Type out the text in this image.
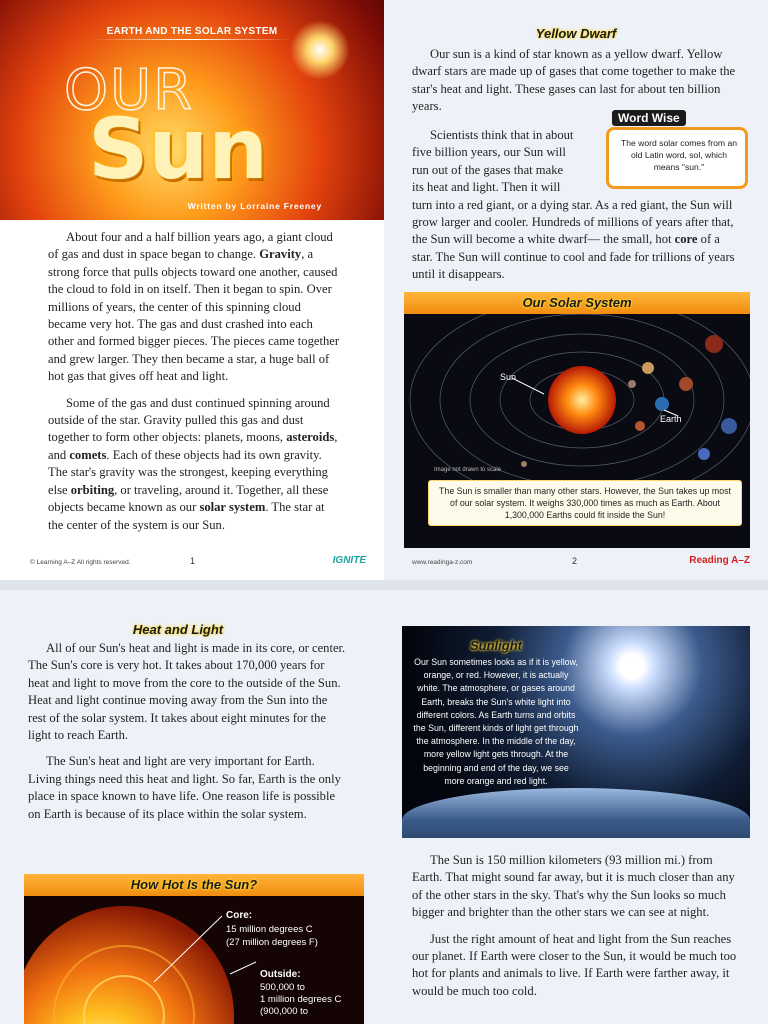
EARTH AND THE SOLAR SYSTEM
OUR
Sun
Written by Lorraine Freeney

About four and a half billion years ago, a giant cloud of gas and dust in space began to change. Gravity, a strong force that pulls objects toward one another, caused the cloud to fold in on itself. Then it began to spin. Over millions of years, the center of this spinning cloud became very hot. The gas and dust crashed into each other and formed bigger pieces. The pieces came together and grew larger. They then became a star, a huge ball of hot gas that gives off heat and light.

Some of the gas and dust continued spinning around outside of the star. Gravity pulled this gas and dust together to form other objects: planets, moons, asteroids, and comets. Each of these objects had its own gravity. The star's gravity was the strongest, keeping everything else orbiting, or traveling, around it. Together, all these objects became known as our solar system. The star at the center of the system is our Sun.

© Learning A–Z All rights reserved.	1	IGNITE
Yellow Dwarf

Our sun is a kind of star known as a yellow dwarf. Yellow dwarf stars are made up of gases that come together to make the star's heat and light. These gases can last for about ten billion years.

Scientists think that in about
five billion years, our Sun will
run out of the gases that make
its heat and light. Then it will

turn into a red giant, or a dying star. As a red giant, the Sun will grow larger and cooler. Hundreds of millions of years after that, the Sun will become a white dwarf— the small, hot core of a star. The Sun will continue to cool and fade for trillions of years until it disappears.

Word Wise
The word solar comes from an old Latin word, sol, which means "sun."
Our Solar System
Sun
Earth
Image not drawn to scale
The Sun is smaller than many other stars. However, the Sun takes up most of our solar system. It weighs 330,000 times as much as Earth. About 1,300,000 Earths could fit inside the Sun!
www.readinga-z.com	2	Reading A–Z
Heat and Light

All of our Sun's heat and light is made in its core, or center. The Sun's core is very hot. It takes about 170,000 years for heat and light to move from the core to the outside of the Sun. Heat and light continue moving away from the Sun into the rest of the solar system. It takes about eight minutes for the light to reach Earth.

The Sun's heat and light are very important for Earth. Living things need this heat and light. So far, Earth is the only place in space known to have life. One reason life is possible on Earth is because of its place within the solar system.

How Hot Is the Sun?
Core:
15 million degrees C
(27 million degrees F)
Outside:
500,000 to
1 million degrees C
(900,000 to
Sunlight
Our Sun sometimes looks as if it is yellow, orange, or red. However, it is actually white. The atmosphere, or gases around Earth, breaks the Sun's white light into different colors. As Earth turns and orbits the Sun, different kinds of light get through the atmosphere. In the middle of the day, more yellow light gets through. At the beginning and end of the day, we see more orange and red light.

The Sun is 150 million kilometers (93 million mi.) from Earth. That might sound far away, but it is much closer than any of the other stars in the sky. That's why the Sun looks so much bigger and brighter than the other stars we can see at night.

Just the right amount of heat and light from the Sun reaches our planet. If Earth were closer to the Sun, it would be much too hot for plants and animals to live. If Earth were farther away, it would be much too cold.
